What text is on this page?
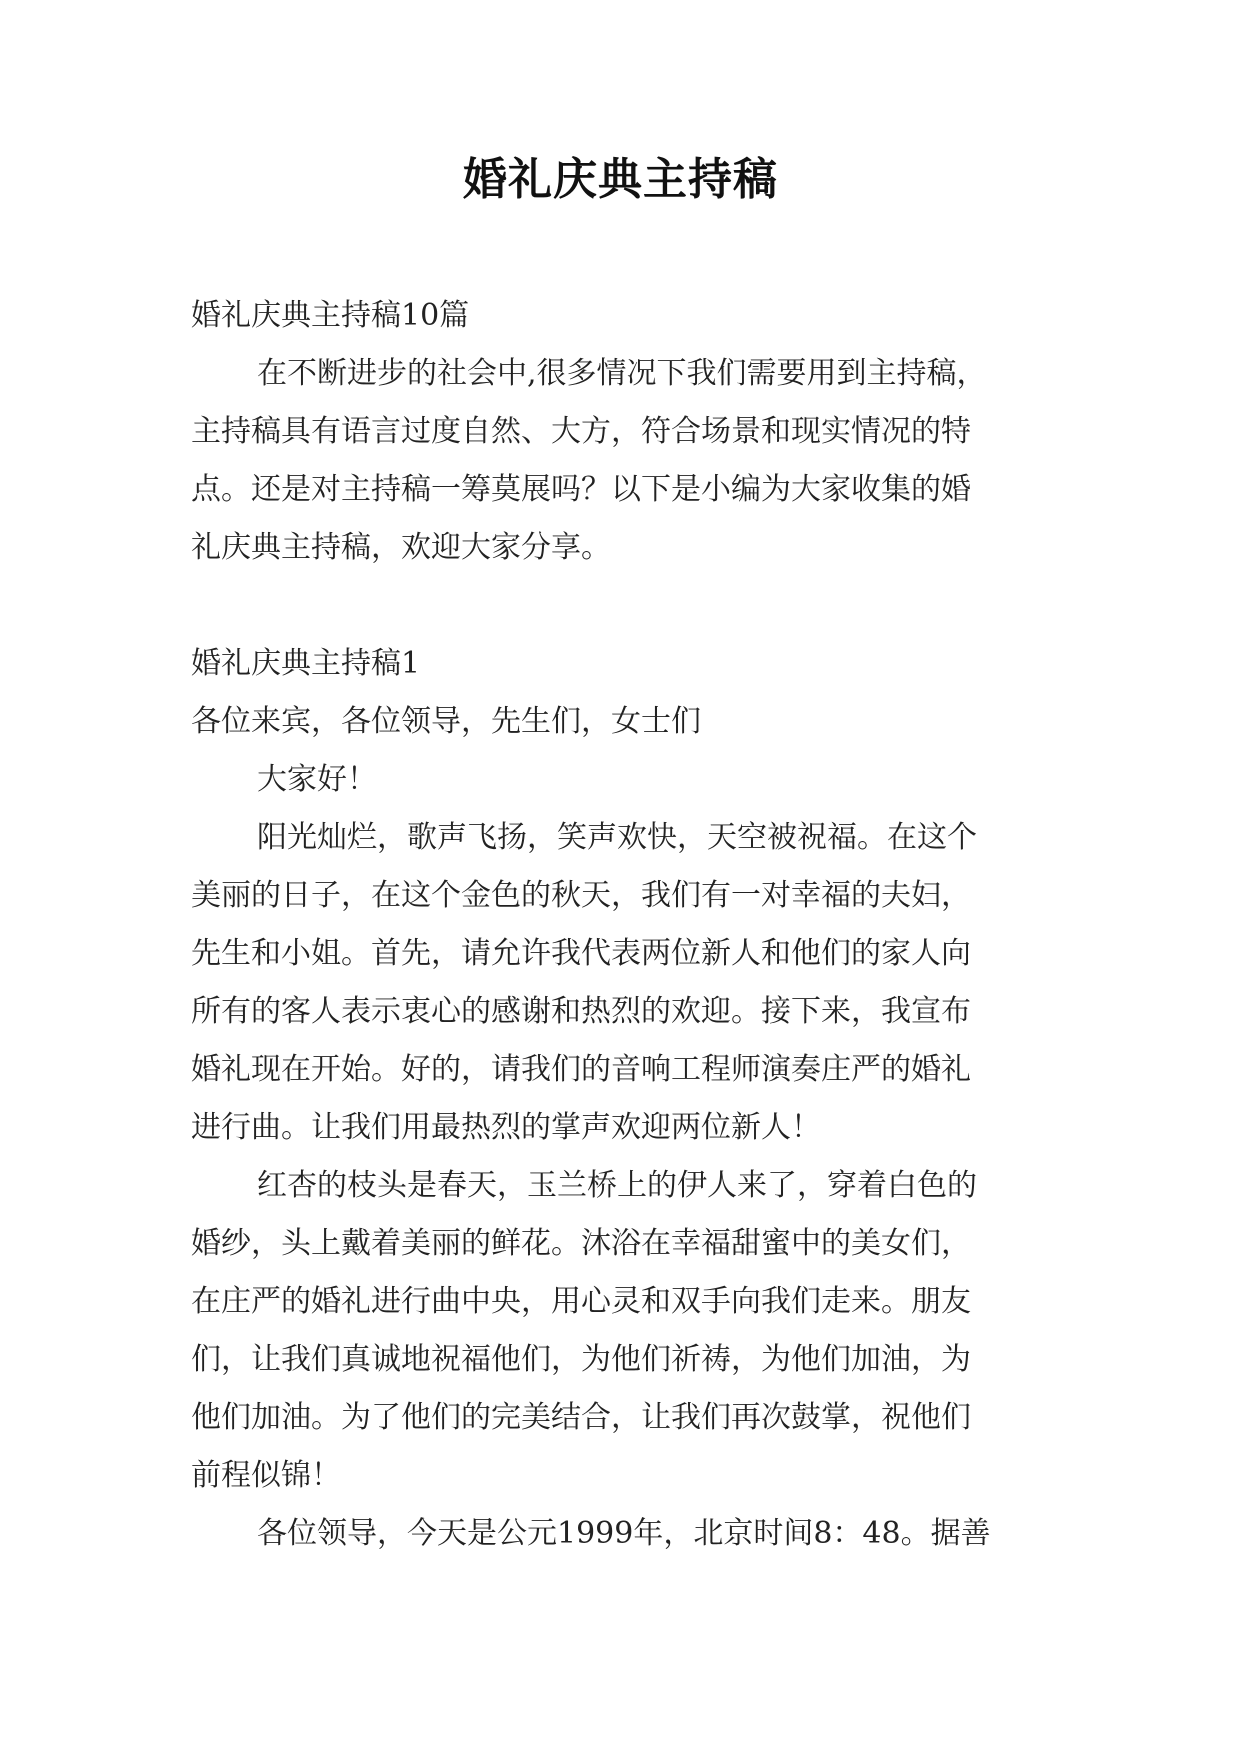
婚礼庆典主持稿
婚礼庆典主持稿10篇
在不断进步的社会中,很多情况下我们需要用到主持稿，
主持稿具有语言过度自然、大方，符合场景和现实情况的特
点。还是对主持稿一筹莫展吗？以下是小编为大家收集的婚
礼庆典主持稿，欢迎大家分享。
婚礼庆典主持稿1
各位来宾，各位领导，先生们，女士们
大家好！
阳光灿烂，歌声飞扬，笑声欢快，天空被祝福。在这个
美丽的日子，在这个金色的秋天，我们有一对幸福的夫妇，
先生和小姐。首先，请允许我代表两位新人和他们的家人向
所有的客人表示衷心的感谢和热烈的欢迎。接下来，我宣布
婚礼现在开始。好的，请我们的音响工程师演奏庄严的婚礼
进行曲。让我们用最热烈的掌声欢迎两位新人！
红杏的枝头是春天，玉兰桥上的伊人来了，穿着白色的
婚纱，头上戴着美丽的鲜花。沐浴在幸福甜蜜中的美女们，
在庄严的婚礼进行曲中央，用心灵和双手向我们走来。朋友
们，让我们真诚地祝福他们，为他们祈祷，为他们加油，为
他们加油。为了他们的完美结合，让我们再次鼓掌，祝他们
前程似锦！
各位领导，今天是公元1999年，北京时间8：48。据善
